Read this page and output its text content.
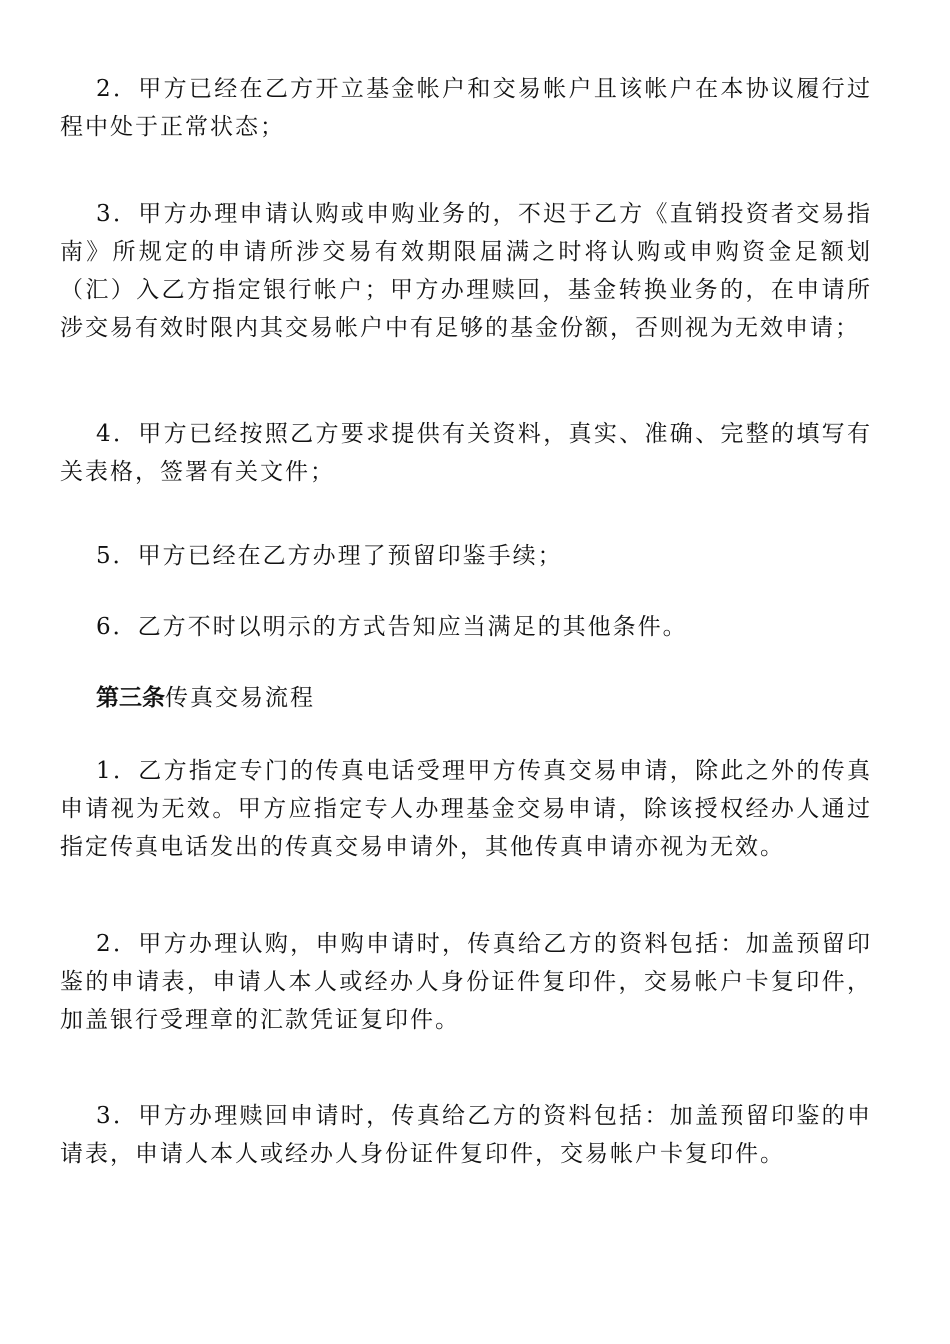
2．甲方已经在乙方开立基金帐户和交易帐户且该帐户在本协议履行过程中处于正常状态；

3．甲方办理申请认购或申购业务的，不迟于乙方《直销投资者交易指南》所规定的申请所涉交易有效期限届满之时将认购或申购资金足额划（汇）入乙方指定银行帐户；甲方办理赎回，基金转换业务的，在申请所涉交易有效时限内其交易帐户中有足够的基金份额，否则视为无效申请；

4．甲方已经按照乙方要求提供有关资料，真实、准确、完整的填写有关表格，签署有关文件；

5．甲方已经在乙方办理了预留印鉴手续；

6．乙方不时以明示的方式告知应当满足的其他条件。

第三条传真交易流程

1．乙方指定专门的传真电话受理甲方传真交易申请，除此之外的传真申请视为无效。甲方应指定专人办理基金交易申请，除该授权经办人通过指定传真电话发出的传真交易申请外，其他传真申请亦视为无效。

2．甲方办理认购，申购申请时，传真给乙方的资料包括：加盖预留印鉴的申请表，申请人本人或经办人身份证件复印件，交易帐户卡复印件，加盖银行受理章的汇款凭证复印件。

3．甲方办理赎回申请时，传真给乙方的资料包括：加盖预留印鉴的申请表，申请人本人或经办人身份证件复印件，交易帐户卡复印件。
